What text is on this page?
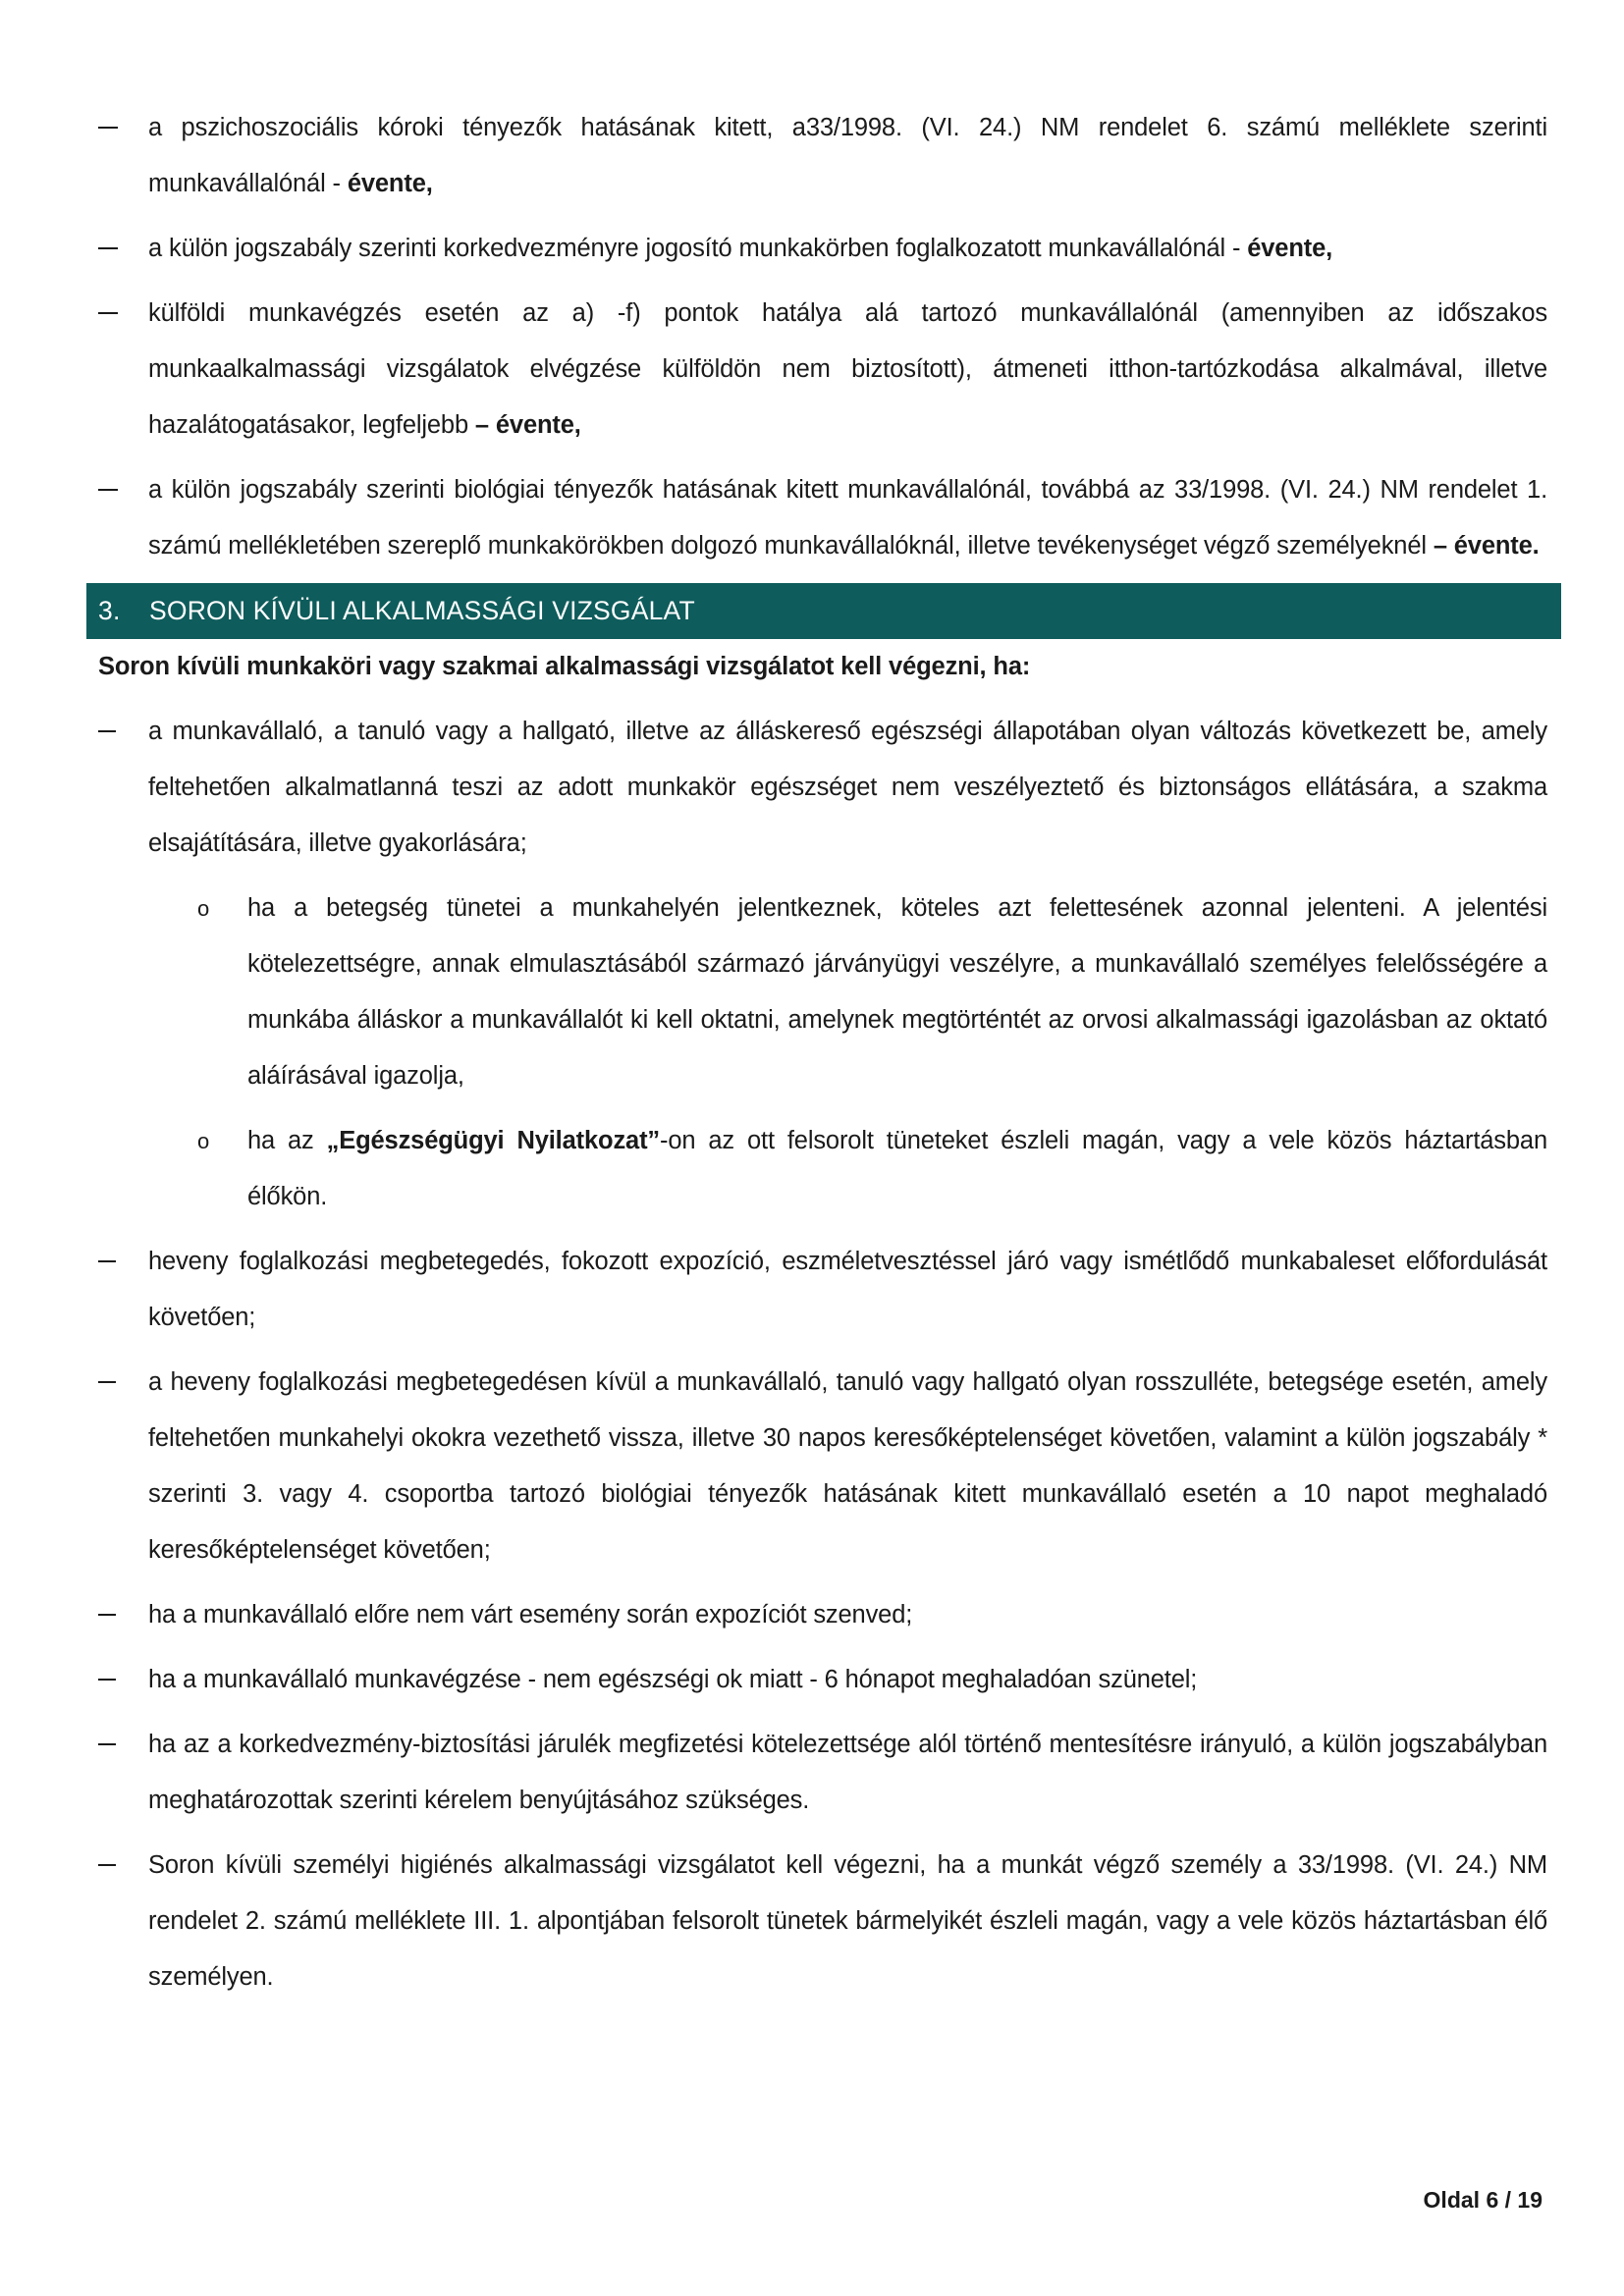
a pszichoszociális kóroki tényezők hatásának kitett, a33/1998. (VI. 24.) NM rendelet 6. számú melléklete szerinti munkavállalónál - évente,
a külön jogszabály szerinti korkedvezményre jogosító munkakörben foglalkozatott munkavállalónál - évente,
külföldi munkavégzés esetén az a) -f) pontok hatálya alá tartozó munkavállalónál (amennyiben az időszakos munkaalkalmassági vizsgálatok elvégzése külföldön nem biztosított), átmeneti itthon-tartózkodása alkalmával, illetve hazalátogatásakor, legfeljebb – évente,
a külön jogszabály szerinti biológiai tényezők hatásának kitett munkavállalónál, továbbá az 33/1998. (VI. 24.) NM rendelet 1. számú mellékletében szereplő munkakörökben dolgozó munkavállalóknál, illetve tevékenységet végző személyeknél – évente.
3. SORON KÍVÜLI ALKALMASSÁGI VIZSGÁLAT
Soron kívüli munkaköri vagy szakmai alkalmassági vizsgálatot kell végezni, ha:
a munkavállaló, a tanuló vagy a hallgató, illetve az álláskereső egészségi állapotában olyan változás következett be, amely feltehetően alkalmatlanná teszi az adott munkakör egészséget nem veszélyeztető és biztonságos ellátására, a szakma elsajátítására, illetve gyakorlására;
o ha a betegség tünetei a munkahelyén jelentkeznek, köteles azt felettesének azonnal jelenteni. A jelentési kötelezettségre, annak elmulasztásából származó járványügyi veszélyre, a munkavállaló személyes felelősségére a munkába álláskor a munkavállalót ki kell oktatni, amelynek megtörténtét az orvosi alkalmassági igazolásban az oktató aláírásával igazolja,
o ha az „Egészségügyi Nyilatkozat”-on az ott felsorolt tüneteket észleli magán, vagy a vele közös háztartásban élőkön.
heveny foglalkozási megbetegedés, fokozott expozíció, eszméletvesztéssel járó vagy ismétlődő munkabaleset előfordulását követően;
a heveny foglalkozási megbetegedésen kívül a munkavállaló, tanuló vagy hallgató olyan rosszulléte, betegsége esetén, amely feltehetően munkahelyi okokra vezethető vissza, illetve 30 napos keresőképtelenséget követően, valamint a külön jogszabály * szerinti 3. vagy 4. csoportba tartozó biológiai tényezők hatásának kitett munkavállaló esetén a 10 napot meghaladó keresőképtelenséget követően;
ha a munkavállaló előre nem várt esemény során expozíciót szenved;
ha a munkavállaló munkavégzése - nem egészségi ok miatt - 6 hónapot meghaladóan szünetel;
ha az a korkedvezmény-biztosítási járulék megfizetési kötelezettsége alól történő mentesítésre irányuló, a külön jogszabályban meghatározottak szerinti kérelem benyújtásához szükséges.
Soron kívüli személyi higiénés alkalmassági vizsgálatot kell végezni, ha a munkát végző személy a 33/1998. (VI. 24.) NM rendelet 2. számú melléklete III. 1. alpontjában felsorolt tünetek bármelyikét észleli magán, vagy a vele közös háztartásban élő személyen.
Oldal 6 / 19
